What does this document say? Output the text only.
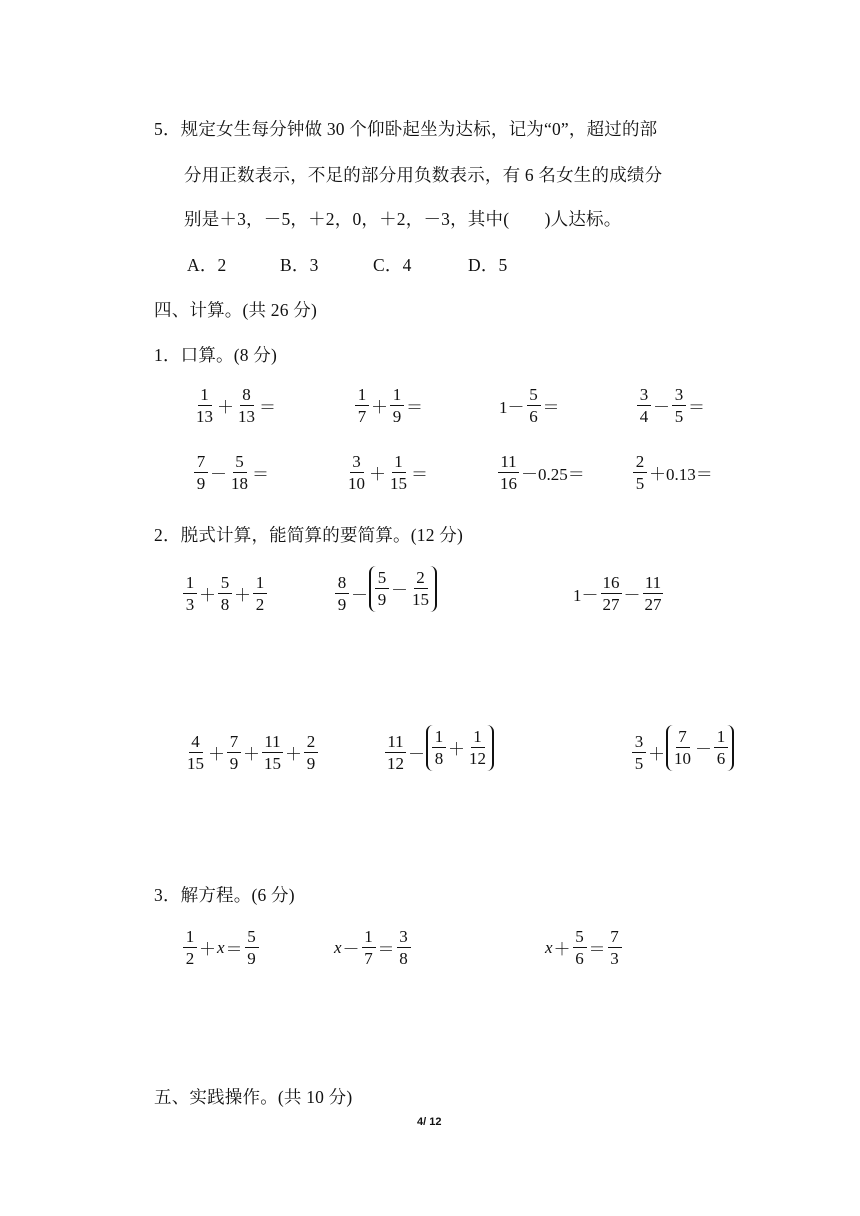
5．规定女生每分钟做 30 个仰卧起坐为达标，记为“0”，超过的部
分用正数表示，不足的部分用负数表示，有 6 名女生的成绩分
别是＋3，－5，＋2，0，＋2，－3，其中(　　)人达标。
A．2	B．3	C．4	D．5
四、计算。(共 26 分)
1．口算。(8 分)
$\frac{1}{13} + \frac{8}{13}$ ＝	$\frac{1}{7} + \frac{1}{9}$ ＝	$1- \frac{5}{6}$ ＝	$\frac{3}{4} - \frac{3}{5}$ ＝
$\frac{7}{9} - \frac{5}{18}$ ＝	$\frac{3}{10} + \frac{1}{15}$ ＝	$\frac{11}{16} -0.25=$	$\frac{2}{5} +0.13=$
2．脱式计算，能简算的要简算。(12 分)
$\frac{1}{3} + \frac{5}{8} + \frac{1}{2}$	$\frac{8}{9} - \frac{5}{9} - \frac{2}{15}$	$1- \frac{16}{27} - \frac{11}{27}$
$\frac{4}{15} + \frac{7}{9} + \frac{11}{15} + \frac{2}{9}$	$\frac{11}{12} - \frac{1}{8} + \frac{1}{12}$	$\frac{3}{5} + \frac{7}{10} - \frac{1}{6}$
3．解方程。(6 分)
$\frac{1}{2} + x = \frac{5}{9}$	$x - \frac{1}{7} = \frac{3}{8}$	$x + \frac{5}{6} = \frac{7}{3}$
五、实践操作。(共 10 分)
4/ 12
